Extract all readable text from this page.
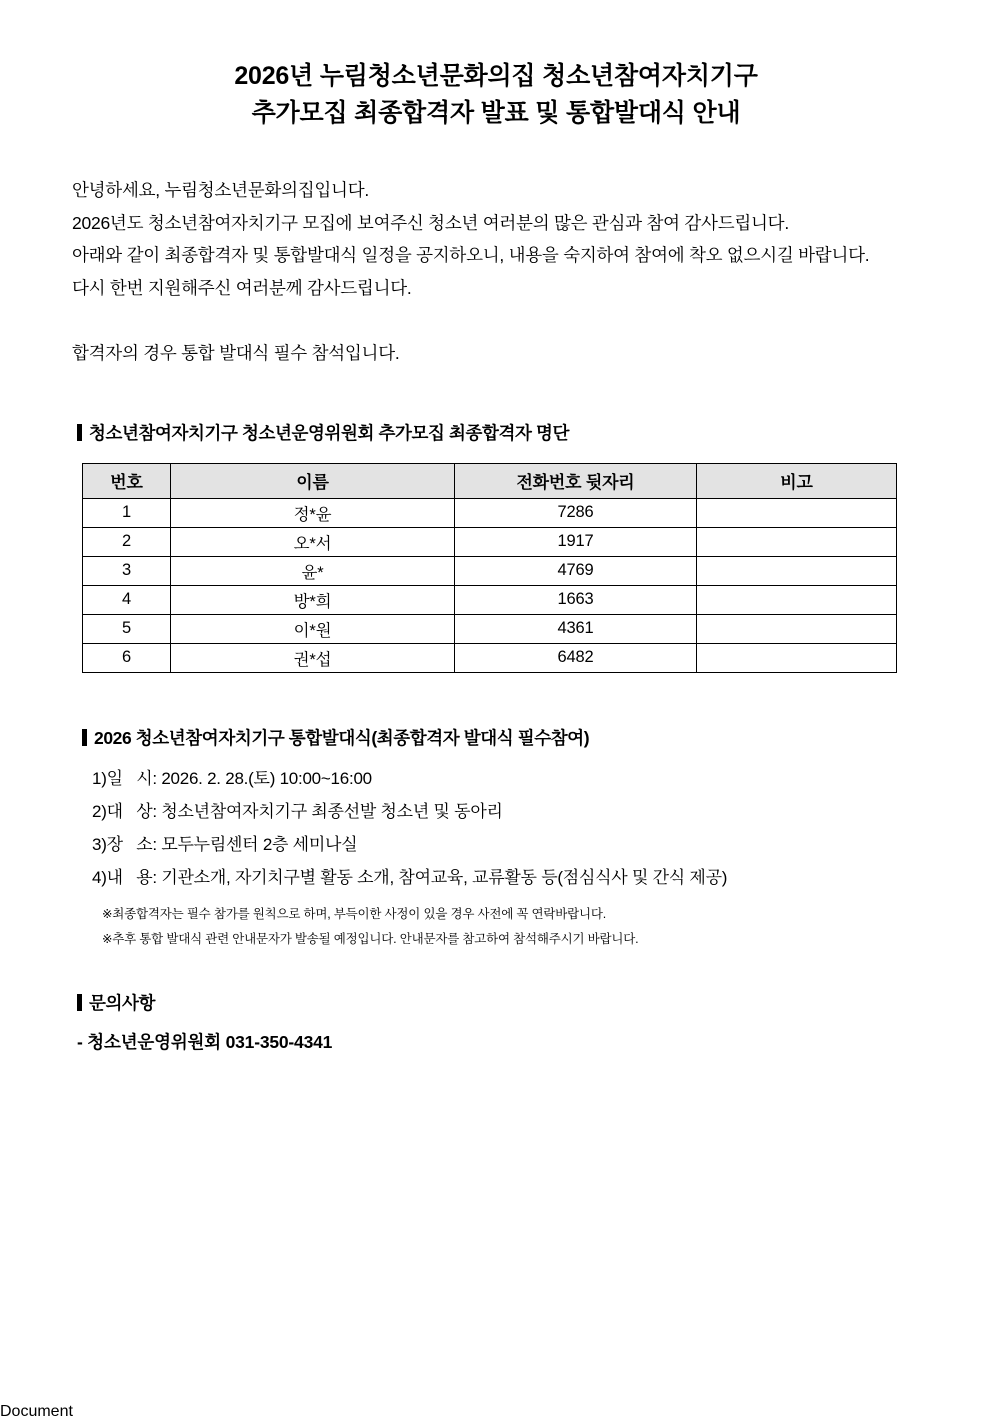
2026년 누림청소년문화의집 청소년참여자치기구
추가모집 최종합격자 발표 및 통합발대식 안내

안녕하세요, 누림청소년문화의집입니다.

2026년도 청소년참여자치기구 모집에 보여주신 청소년 여러분의 많은 관심과 참여 감사드립니다.

아래와 같이 최종합격자 및 통합발대식 일정을 공지하오니, 내용을 숙지하여 참여에 착오 없으시길 바랍니다.

다시 한번 지원해주신 여러분께 감사드립니다.

합격자의 경우 통합 발대식 필수 참석입니다.
청소년참여자치기구 청소년운영위원회 추가모집 최종합격자 명단
번호	이름	전화번호 뒷자리	비고
1	정*윤	7286	
2	오*서	1917	
3	윤*	4769	
4	방*희	1663	
5	이*원	4361	
6	권*섭	6482	
2026 청소년참여자치기구 통합발대식(최종합격자 발대식 필수참여)
1)일   시: 2026. 2. 28.(토) 10:00~16:00
2)대   상: 청소년참여자치기구 최종선발 청소년 및 동아리
3)장   소: 모두누림센터 2층 세미나실
4)내   용: 기관소개, 자기치구별 활동 소개, 참여교육, 교류활동 등(점심식사 및 간식 제공)
※최종합격자는 필수 참가를 원칙으로 하며, 부득이한 사정이 있을 경우 사전에 꼭 연락바랍니다.
※추후 통합 발대식 관련 안내문자가 발송될 예정입니다. 안내문자를 참고하여 참석해주시기 바랍니다.
문의사항
- 청소년운영위원회 031-350-4341
Document
